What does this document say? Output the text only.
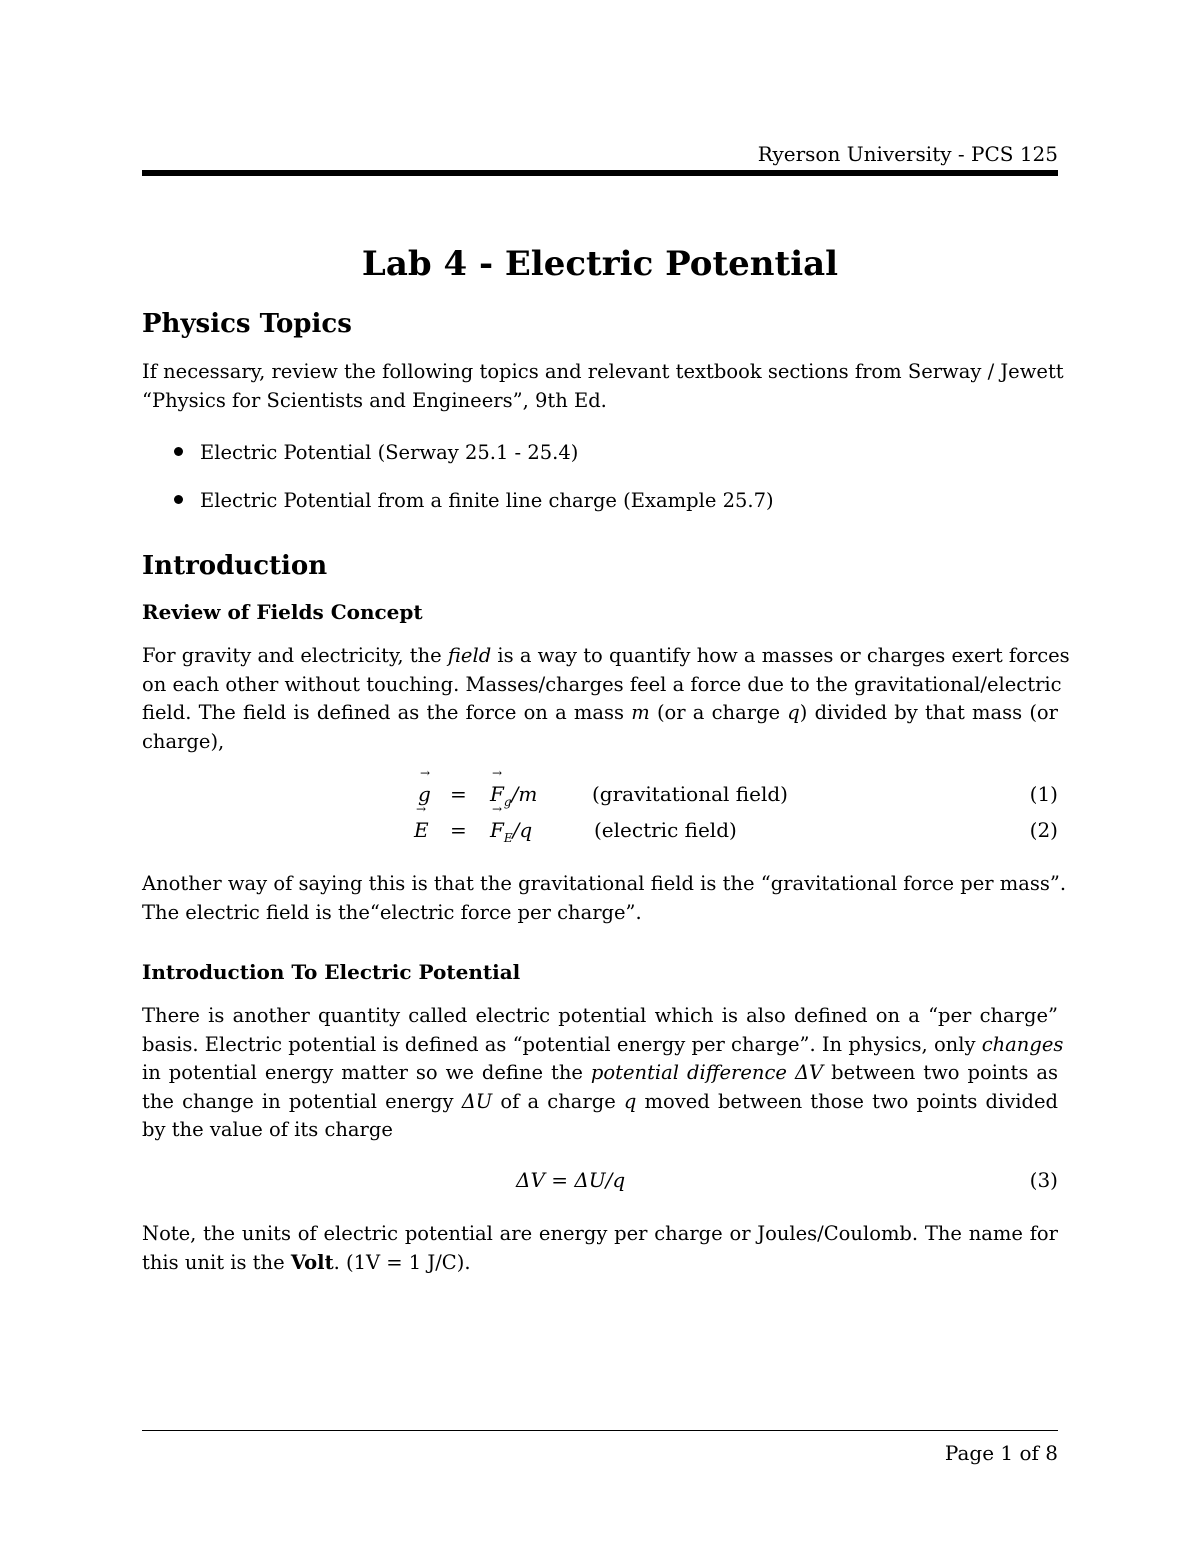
Ryerson University - PCS 125
Lab 4 - Electric Potential
Physics Topics
If necessary, review the following topics and relevant textbook sections from Serway / Jewett
“Physics for Scientists and Engineers”, 9th Ed.
Electric Potential (Serway 25.1 - 25.4)
Electric Potential from a finite line charge (Example 25.7)
Introduction
Review of Fields Concept
For gravity and electricity, the field is a way to quantify how a masses or charges exert forces
on each other without touching. Masses/charges feel a force due to the gravitational/electric
field. The field is defined as the force on a mass m (or a charge q) divided by that mass (or
charge),
→ g = → $F_g/m$	(gravitational field)	(1)
→ E = → $F_E/q$	(electric field)	(2)
Another way of saying this is that the gravitational field is the “gravitational force per mass”.
The electric field is the“electric force per charge”.
Introduction To Electric Potential
There is another quantity called electric potential which is also defined on a “per charge”
basis. Electric potential is defined as “potential energy per charge”. In physics, only changes
in potential energy matter so we define the potential difference ΔV between two points as
the change in potential energy ΔU of a charge q moved between those two points divided
by the value of its charge
ΔV = ΔU/q	(3)
Note, the units of electric potential are energy per charge or Joules/Coulomb. The name for
this unit is the Volt. (1V = 1 J/C).
Page 1 of 8
